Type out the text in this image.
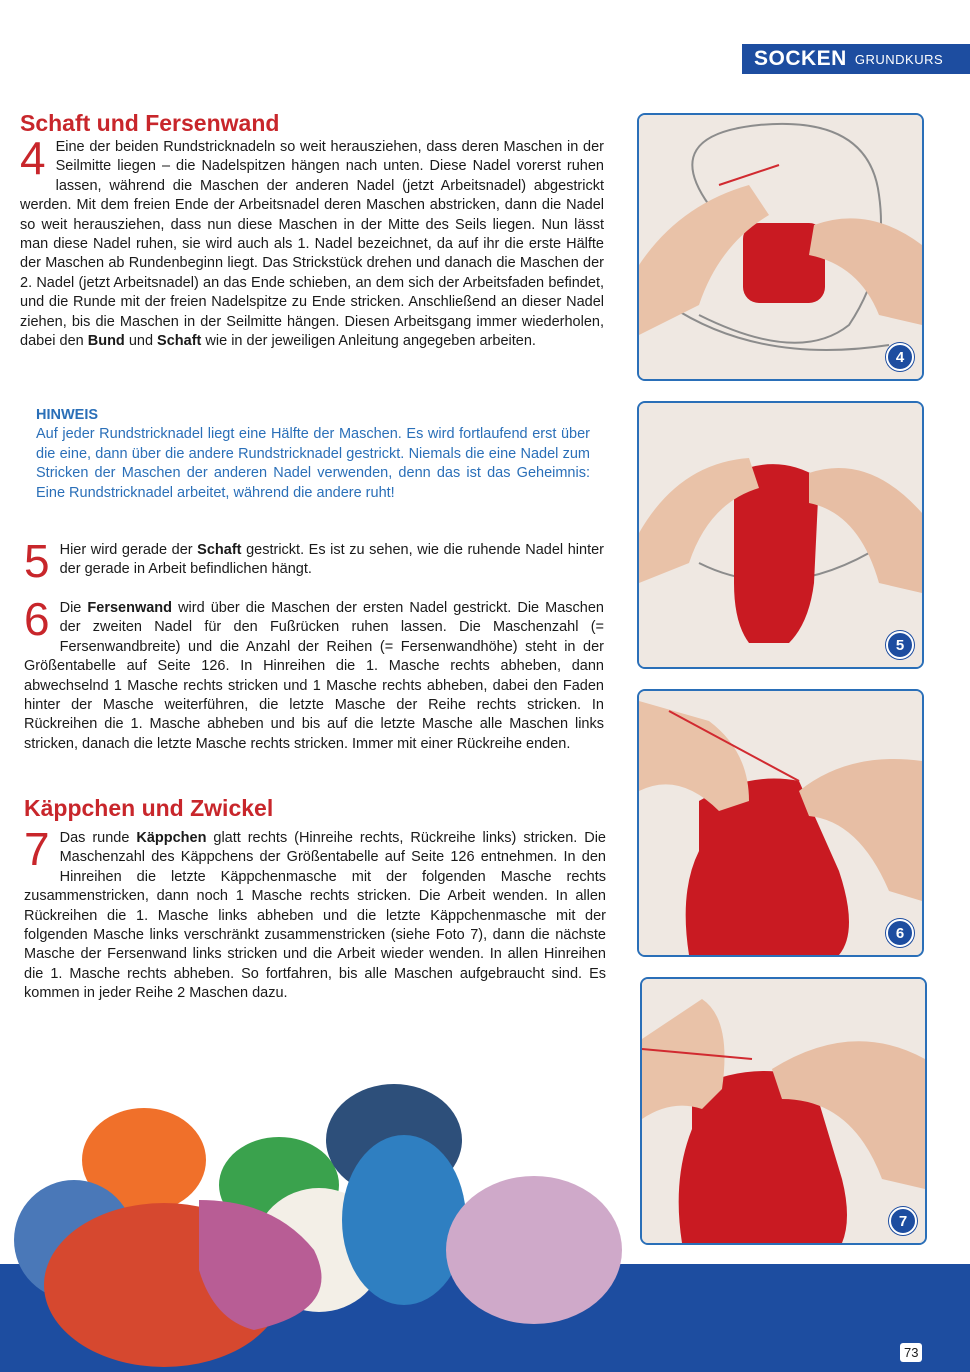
SOCKEN GRUNDKURS
Schaft und Fersenwand
4 Eine der beiden Rundstricknadeln so weit herausziehen, dass deren Maschen in der Seilmitte liegen – die Nadelspitzen hängen nach unten. Diese Nadel vorerst ruhen lassen, während die Maschen der anderen Nadel (jetzt Arbeitsnadel) abgestrickt werden. Mit dem freien Ende der Arbeitsnadel deren Maschen abstricken, dann die Nadel so weit herausziehen, dass nun diese Maschen in der Mitte des Seils liegen. Nun lässt man diese Nadel ruhen, sie wird auch als 1. Nadel bezeichnet, da auf ihr die erste Hälfte der Maschen ab Rundenbeginn liegt. Das Strickstück drehen und danach die Maschen der 2. Nadel (jetzt Arbeitsnadel) an das Ende schieben, an dem sich der Arbeitsfaden befindet, und die Runde mit der freien Nadelspitze zu Ende stricken. Anschließend an dieser Nadel ziehen, bis die Maschen in der Seilmitte hängen. Diesen Arbeitsgang immer wiederholen, dabei den Bund und Schaft wie in der jeweiligen Anleitung angegeben arbeiten.
HINWEIS
Auf jeder Rundstricknadel liegt eine Hälfte der Maschen. Es wird fortlaufend erst über die eine, dann über die andere Rundstricknadel gestrickt. Niemals die eine Nadel zum Stricken der Maschen der anderen Nadel verwenden, denn das ist das Geheimnis: Eine Rundstricknadel arbeitet, während die andere ruht!
5 Hier wird gerade der Schaft gestrickt. Es ist zu sehen, wie die ruhende Nadel hinter der gerade in Arbeit befindlichen hängt.
6 Die Fersenwand wird über die Maschen der ersten Nadel gestrickt. Die Maschen der zweiten Nadel für den Fußrücken ruhen lassen. Die Maschenzahl (= Fersenwandbreite) und die Anzahl der Reihen (= Fersenwandhöhe) steht in der Größentabelle auf Seite 126. In Hinreihen die 1. Masche rechts abheben, dann abwechselnd 1 Masche rechts stricken und 1 Masche rechts abheben, dabei den Faden hinter der Masche weiterführen, die letzte Masche der Reihe rechts stricken. In Rückreihen die 1. Masche abheben und bis auf die letzte Masche alle Maschen links stricken, danach die letzte Masche rechts stricken. Immer mit einer Rückreihe enden.
Käppchen und Zwickel
7 Das runde Käppchen glatt rechts (Hinreihe rechts, Rückreihe links) stricken. Die Maschenzahl des Käppchens der Größentabelle auf Seite 126 entnehmen. In den Hinreihen die letzte Käppchenmasche mit der folgenden Masche rechts zusammenstricken, dann noch 1 Masche rechts stricken. Die Arbeit wenden. In allen Rückreihen die 1. Masche links abheben und die letzte Käppchenmasche mit der folgenden Masche links verschränkt zusammenstricken (siehe Foto 7), dann die nächste Masche der Fersenwand links stricken und die Arbeit wieder wenden. In allen Hinreihen die 1. Masche rechts abheben. So fortfahren, bis alle Maschen aufgebraucht sind. Es kommen in jeder Reihe 2 Maschen dazu.
4
5
6
7
73
